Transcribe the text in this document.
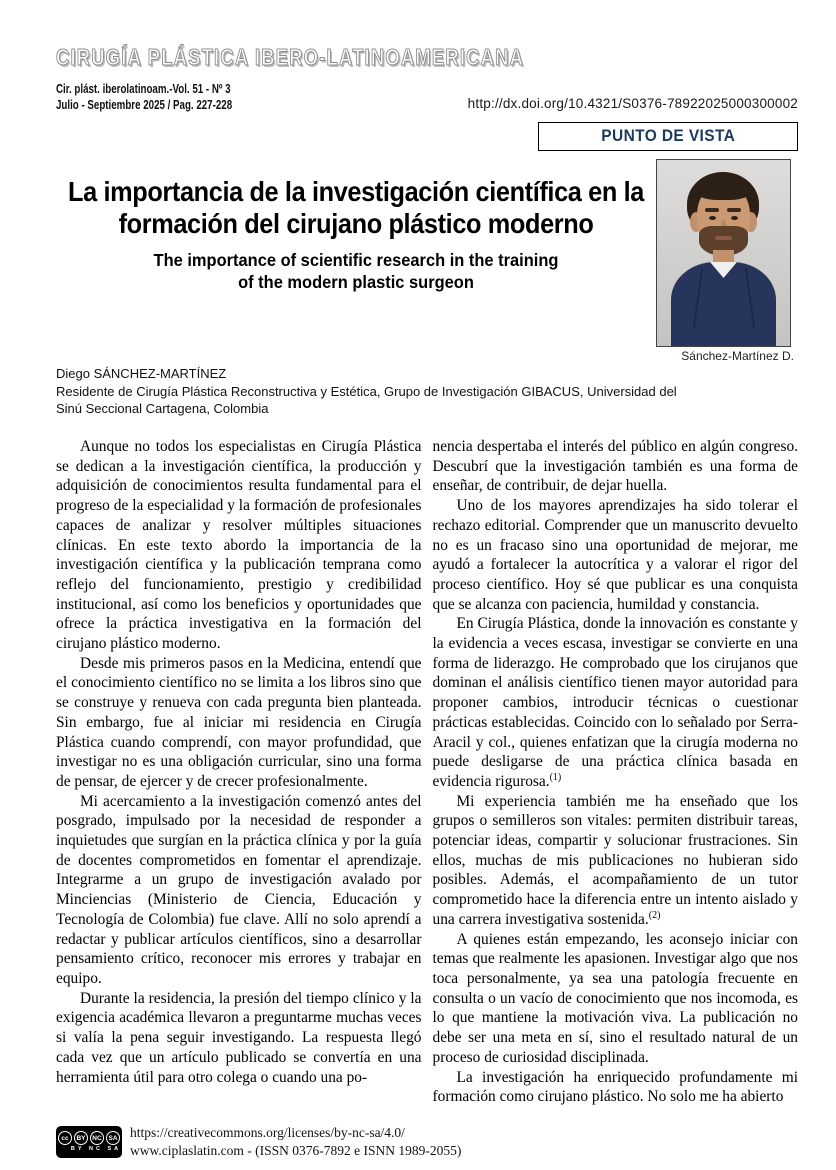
CIRUGÍA PLÁSTICA IBERO-LATINOAMERICANA
Cir. plást. iberolatinoam.-Vol. 51 - Nº 3
Julio - Septiembre 2025 / Pag. 227-228	http://dx.doi.org/10.4321/S0376-78922025000300002
PUNTO DE VISTA
La importancia de la investigación científica en la
formación del cirujano plástico moderno
The importance of scientific research in the training
of the modern plastic surgeon
Sánchez-Martínez D.
Diego SÁNCHEZ-MARTÍNEZ
Residente de Cirugía Plástica Reconstructiva y Estética, Grupo de Investigación GIBACUS, Universidad del Sinú Seccional Cartagena, Colombia

Aunque no todos los especialistas en Cirugía Plástica se dedican a la investigación científica, la producción y adquisición de conocimientos resulta fundamental para el progreso de la especialidad y la formación de profesionales capaces de analizar y resolver múltiples situaciones clínicas. En este texto abordo la importancia de la investigación científica y la publicación temprana como reflejo del funcionamiento, prestigio y credibilidad institucional, así como los beneficios y oportunidades que ofrece la práctica investigativa en la formación del cirujano plástico moderno.

Desde mis primeros pasos en la Medicina, entendí que el conocimiento científico no se limita a los libros sino que se construye y renueva con cada pregunta bien planteada. Sin embargo, fue al iniciar mi residencia en Cirugía Plástica cuando comprendí, con mayor profundidad, que investigar no es una obligación curricular, sino una forma de pensar, de ejercer y de crecer profesionalmente.

Mi acercamiento a la investigación comenzó antes del posgrado, impulsado por la necesidad de responder a inquietudes que surgían en la práctica clínica y por la guía de docentes comprometidos en fomentar el aprendizaje. Integrarme a un grupo de investigación avalado por Minciencias (Ministerio de Ciencia, Educación y Tecnología de Colombia) fue clave. Allí no solo aprendí a redactar y publicar artículos científicos, sino a desarrollar pensamiento crítico, reconocer mis errores y trabajar en equipo.

Durante la residencia, la presión del tiempo clínico y la exigencia académica llevaron a preguntarme muchas veces si valía la pena seguir investigando. La respuesta llegó cada vez que un artículo publicado se convertía en una herramienta útil para otro colega o cuando una po-

nencia despertaba el interés del público en algún congreso. Descubrí que la investigación también es una forma de enseñar, de contribuir, de dejar huella.

Uno de los mayores aprendizajes ha sido tolerar el rechazo editorial. Comprender que un manuscrito devuelto no es un fracaso sino una oportunidad de mejorar, me ayudó a fortalecer la autocrítica y a valorar el rigor del proceso científico. Hoy sé que publicar es una conquista que se alcanza con paciencia, humildad y constancia.

En Cirugía Plástica, donde la innovación es constante y la evidencia a veces escasa, investigar se convierte en una forma de liderazgo. He comprobado que los cirujanos que dominan el análisis científico tienen mayor autoridad para proponer cambios, introducir técnicas o cuestionar prácticas establecidas. Coincido con lo señalado por Serra-Aracil y col., quienes enfatizan que la cirugía moderna no puede desligarse de una práctica clínica basada en evidencia rigurosa.$^{(1)}$

Mi experiencia también me ha enseñado que los grupos o semilleros son vitales: permiten distribuir tareas, potenciar ideas, compartir y solucionar frustraciones. Sin ellos, muchas de mis publicaciones no hubieran sido posibles. Además, el acompañamiento de un tutor comprometido hace la diferencia entre un intento aislado y una carrera investigativa sostenida.$^{(2)}$

A quienes están empezando, les aconsejo iniciar con temas que realmente les apasionen. Investigar algo que nos toca personalmente, ya sea una patología frecuente en consulta o un vacío de conocimiento que nos incomoda, es lo que mantiene la motivación viva. La publicación no debe ser una meta en sí, sino el resultado natural de un proceso de curiosidad disciplinada.

La investigación ha enriquecido profundamente mi formación como cirujano plástico. No solo me ha abierto

cc	BY	NC	SA
BY NC SA
https://creativecommons.org/licenses/by-nc-sa/4.0/
www.ciplaslatin.com - (ISSN 0376-7892 e ISNN 1989-2055)
